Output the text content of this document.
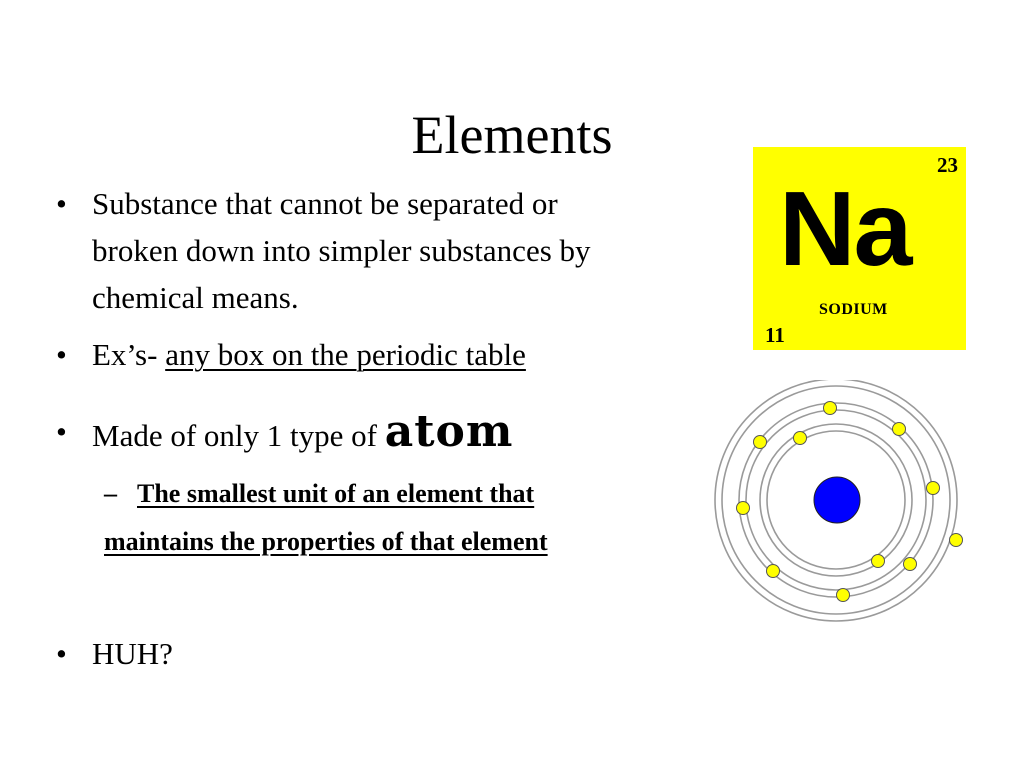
Elements
• Substance that cannot be separated or
broken down into simpler substances by
chemical means.
• Ex’s- any box on the periodic table
• Made of only 1 type of atom
– The smallest unit of an element that
maintains the properties of that element
• HUH?
23
Na
SODIUM
11
